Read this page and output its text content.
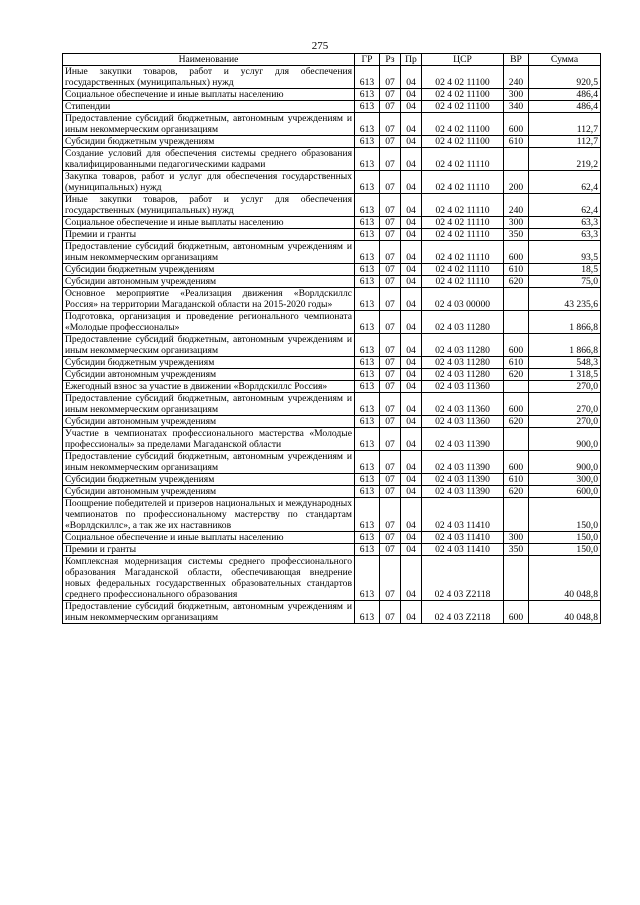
275
Наименование	ГР	Рз	Пр	ЦСР	ВР	Сумма
Иные закупки товаров, работ и услуг для обеспечения государственных (муниципальных) нужд	613	07	04	02 4 02 11100	240	920,5
Социальное обеспечение и иные выплаты населению	613	07	04	02 4 02 11100	300	486,4
Стипендии	613	07	04	02 4 02 11100	340	486,4
Предоставление субсидий бюджетным, автономным учреждениям и иным некоммерческим организациям	613	07	04	02 4 02 11100	600	112,7
Субсидии бюджетным учреждениям	613	07	04	02 4 02 11100	610	112,7
Создание условий для обеспечения системы среднего образования квалифицированными педагогическими кадрами	613	07	04	02 4 02 11110		219,2
Закупка товаров, работ и услуг для обеспечения государственных (муниципальных) нужд	613	07	04	02 4 02 11110	200	62,4
Иные закупки товаров, работ и услуг для обеспечения государственных (муниципальных) нужд	613	07	04	02 4 02 11110	240	62,4
Социальное обеспечение и иные выплаты населению	613	07	04	02 4 02 11110	300	63,3
Премии и гранты	613	07	04	02 4 02 11110	350	63,3
Предоставление субсидий бюджетным, автономным учреждениям и иным некоммерческим организациям	613	07	04	02 4 02 11110	600	93,5
Субсидии бюджетным учреждениям	613	07	04	02 4 02 11110	610	18,5
Субсидии автономным учреждениям	613	07	04	02 4 02 11110	620	75,0
Основное мероприятие «Реализация движения «Ворлдскиллс Россия» на территории Магаданской области на 2015-2020 годы»	613	07	04	02 4 03 00000		43 235,6
Подготовка, организация и проведение регионального чемпионата «Молодые профессионалы»	613	07	04	02 4 03 11280		1 866,8
Предоставление субсидий бюджетным, автономным учреждениям и иным некоммерческим организациям	613	07	04	02 4 03 11280	600	1 866,8
Субсидии бюджетным учреждениям	613	07	04	02 4 03 11280	610	548,3
Субсидии автономным учреждениям	613	07	04	02 4 03 11280	620	1 318,5
Ежегодный взнос за участие в движении «Ворлдскиллс Россия»	613	07	04	02 4 03 11360		270,0
Предоставление субсидий бюджетным, автономным учреждениям и иным некоммерческим организациям	613	07	04	02 4 03 11360	600	270,0
Субсидии автономным учреждениям	613	07	04	02 4 03 11360	620	270,0
Участие в чемпионатах профессионального мастерства «Молодые профессионалы» за пределами Магаданской области	613	07	04	02 4 03 11390		900,0
Предоставление субсидий бюджетным, автономным учреждениям и иным некоммерческим организациям	613	07	04	02 4 03 11390	600	900,0
Субсидии бюджетным учреждениям	613	07	04	02 4 03 11390	610	300,0
Субсидии автономным учреждениям	613	07	04	02 4 03 11390	620	600,0
Поощрение победителей и призеров национальных и международных чемпионатов по профессиональному мастерству по стандартам «Ворлдскиллс», а так же их наставников	613	07	04	02 4 03 11410		150,0
Социальное обеспечение и иные выплаты населению	613	07	04	02 4 03 11410	300	150,0
Премии и гранты	613	07	04	02 4 03 11410	350	150,0
Комплексная модернизация системы среднего профессионального образования Магаданской области, обеспечивающая внедрение новых федеральных государственных образовательных стандартов среднего профессионального образования	613	07	04	02 4 03 Z2118		40 048,8
Предоставление субсидий бюджетным, автономным учреждениям и иным некоммерческим организациям	613	07	04	02 4 03 Z2118	600	40 048,8
